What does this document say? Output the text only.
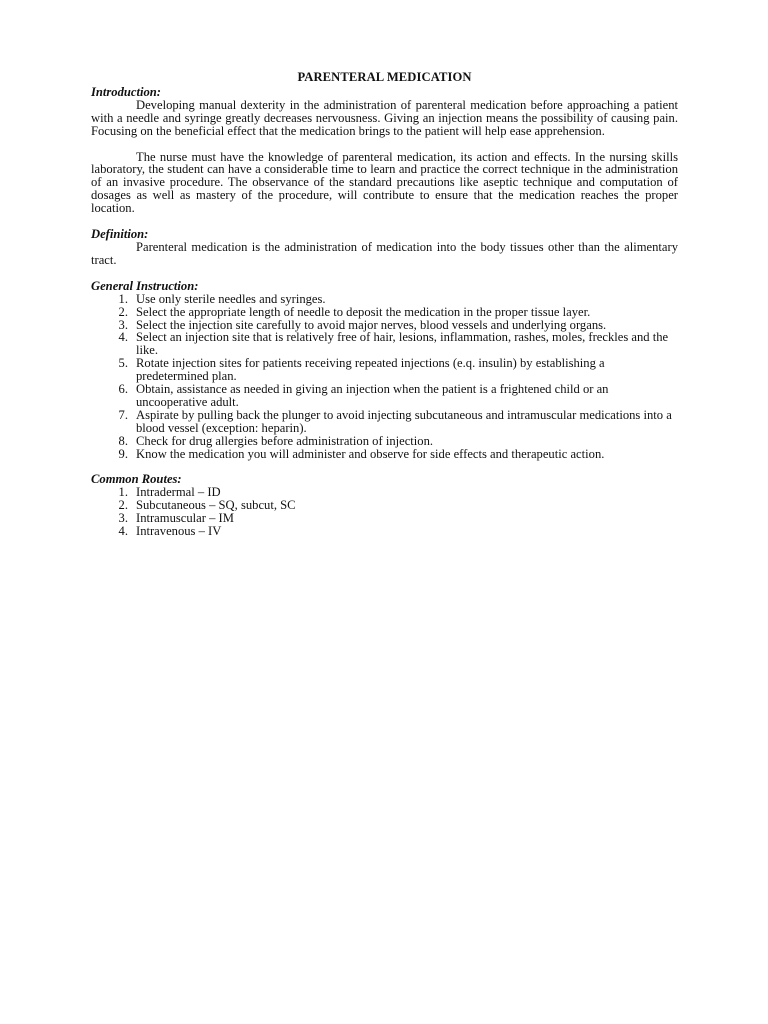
PARENTERAL MEDICATION
Introduction:

Developing manual dexterity in the administration of parenteral medication before approaching a patient with a needle and syringe greatly decreases nervousness. Giving an injection means the possibility of causing pain. Focusing on the beneficial effect that the medication brings to the patient will help ease apprehension.

The nurse must have the knowledge of parenteral medication, its action and effects. In the nursing skills laboratory, the student can have a considerable time to learn and practice the correct technique in the administration of an invasive procedure. The observance of the standard precautions like aseptic technique and computation of dosages as well as mastery of the procedure, will contribute to ensure that the medication reaches the proper location.

Definition:

Parenteral medication is the administration of medication into the body tissues other than the alimentary tract.

General Instruction:
1. Use only sterile needles and syringes.
2. Select the appropriate length of needle to deposit the medication in the proper tissue layer.
3. Select the injection site carefully to avoid major nerves, blood vessels and underlying organs.
4. Select an injection site that is relatively free of hair, lesions, inflammation, rashes, moles, freckles and the like.
5. Rotate injection sites for patients receiving repeated injections (e.q. insulin) by establishing a predetermined plan.
6. Obtain, assistance as needed in giving an injection when the patient is a frightened child or an uncooperative adult.
7. Aspirate by pulling back the plunger to avoid injecting subcutaneous and intramuscular medications into a blood vessel (exception: heparin).
8. Check for drug allergies before administration of injection.
9. Know the medication you will administer and observe for side effects and therapeutic action.
Common Routes:
1. Intradermal – ID
2. Subcutaneous – SQ, subcut, SC
3. Intramuscular – IM
4. Intravenous – IV
